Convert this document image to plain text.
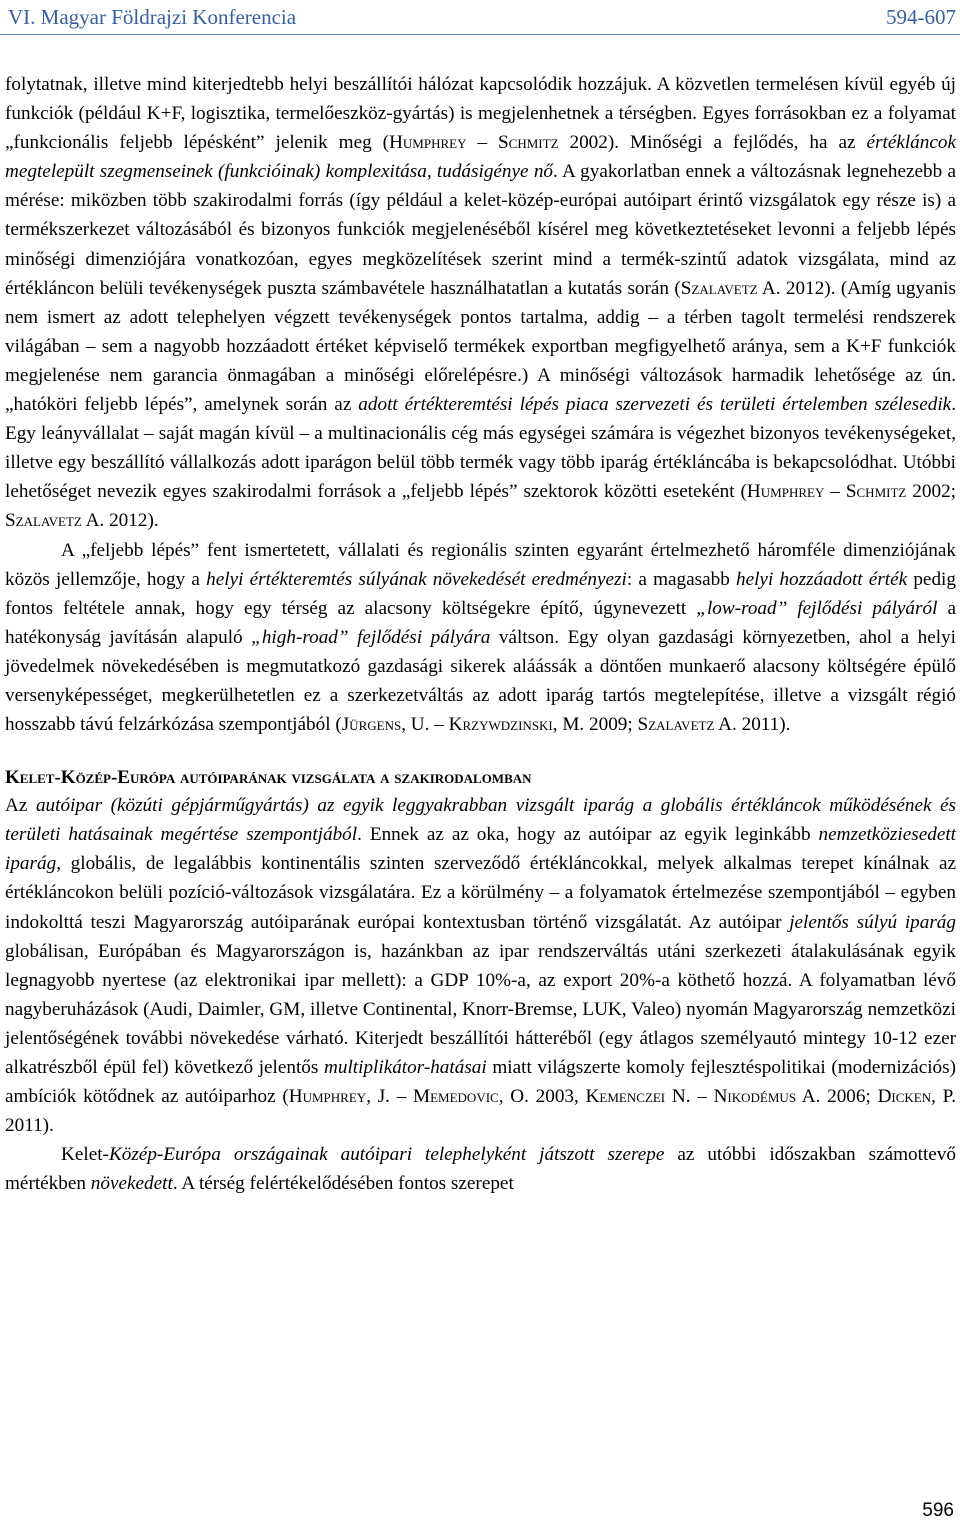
VI. Magyar Földrajzi Konferencia	594-607

folytatnak, illetve mind kiterjedtebb helyi beszállítói hálózat kapcsolódik hozzájuk. A közvetlen termelésen kívül egyéb új funkciók (például K+F, logisztika, termelőeszköz-gyártás) is megjelenhetnek a térségben. Egyes forrásokban ez a folyamat „funkcionális feljebb lépésként” jelenik meg (Humphrey – Schmitz 2002). Minőségi a fejlődés, ha az értékláncok megtelepült szegmenseinek (funkcióinak) komplexitása, tudásigénye nő. A gyakorlatban ennek a változásnak legnehezebb a mérése: miközben több szakirodalmi forrás (így például a kelet-közép-európai autóipart érintő vizsgálatok egy része is) a termékszerkezet változásából és bizonyos funkciók megjelenéséből kísérel meg következtetéseket levonni a feljebb lépés minőségi dimenziójára vonatkozóan, egyes megközelítések szerint mind a termék-szintű adatok vizsgálata, mind az értékláncon belüli tevékenységek puszta számbavétele használhatatlan a kutatás során (Szalavetz A. 2012). (Amíg ugyanis nem ismert az adott telephelyen végzett tevékenységek pontos tartalma, addig – a térben tagolt termelési rendszerek világában – sem a nagyobb hozzáadott értéket képviselő termékek exportban megfigyelhető aránya, sem a K+F funkciók megjelenése nem garancia önmagában a minőségi előrelépésre.) A minőségi változások harmadik lehetősége az ún. „hatóköri feljebb lépés”, amelynek során az adott értékteremtési lépés piaca szervezeti és területi értelemben szélesedik. Egy leányvállalat – saját magán kívül – a multinacionális cég más egységei számára is végezhet bizonyos tevékenységeket, illetve egy beszállító vállalkozás adott iparágon belül több termék vagy több iparág értékláncába is bekapcsolódhat. Utóbbi lehetőséget nevezik egyes szakirodalmi források a „feljebb lépés” szektorok közötti eseteként (Humphrey – Schmitz 2002; Szalavetz A. 2012).

A „feljebb lépés” fent ismertetett, vállalati és regionális szinten egyaránt értelmezhető háromféle dimenziójának közös jellemzője, hogy a helyi értékteremtés súlyának növekedését eredményezi: a magasabb helyi hozzáadott érték pedig fontos feltétele annak, hogy egy térség az alacsony költségekre építő, úgynevezett „low-road” fejlődési pályáról a hatékonyság javításán alapuló „high-road” fejlődési pályára váltson. Egy olyan gazdasági környezetben, ahol a helyi jövedelmek növekedésében is megmutatkozó gazdasági sikerek aláássák a döntően munkaerő alacsony költségére épülő versenyképességet, megkerülhetetlen ez a szerkezetváltás az adott iparág tartós megtelepítése, illetve a vizsgált régió hosszabb távú felzárkózása szempontjából (Jürgens, U. – Krzywdzinski, M. 2009; Szalavetz A. 2011).

Kelet-Közép-Európa autóiparának vizsgálata a szakirodalomban

Az autóipar (közúti gépjárműgyártás) az egyik leggyakrabban vizsgált iparág a globális értékláncok működésének és területi hatásainak megértése szempontjából. Ennek az az oka, hogy az autóipar az egyik leginkább nemzetköziesedett iparág, globális, de legalábbis kontinentális szinten szerveződő értékláncokkal, melyek alkalmas terepet kínálnak az értékláncokon belüli pozíció-változások vizsgálatára. Ez a körülmény – a folyamatok értelmezése szempontjából – egyben indokolttá teszi Magyarország autóiparának európai kontextusban történő vizsgálatát. Az autóipar jelentős súlyú iparág globálisan, Európában és Magyarországon is, hazánkban az ipar rendszerváltás utáni szerkezeti átalakulásának egyik legnagyobb nyertese (az elektronikai ipar mellett): a GDP 10%-a, az export 20%-a köthető hozzá. A folyamatban lévő nagyberuházások (Audi, Daimler, GM, illetve Continental, Knorr-Bremse, LUK, Valeo) nyomán Magyarország nemzetközi jelentőségének további növekedése várható. Kiterjedt beszállítói hátteréből (egy átlagos személyautó mintegy 10-12 ezer alkatrészből épül fel) következő jelentős multiplikátor-hatásai miatt világszerte komoly fejlesztéspolitikai (modernizációs) ambíciók kötődnek az autóiparhoz (Humphrey, J. – Memedovic, O. 2003, Kemenczei N. – Nikodémus A. 2006; Dicken, P. 2011).

Kelet-Közép-Európa országainak autóipari telephelyként játszott szerepe az utóbbi időszakban számottevő mértékben növekedett. A térség felértékelődésében fontos szerepet

596
